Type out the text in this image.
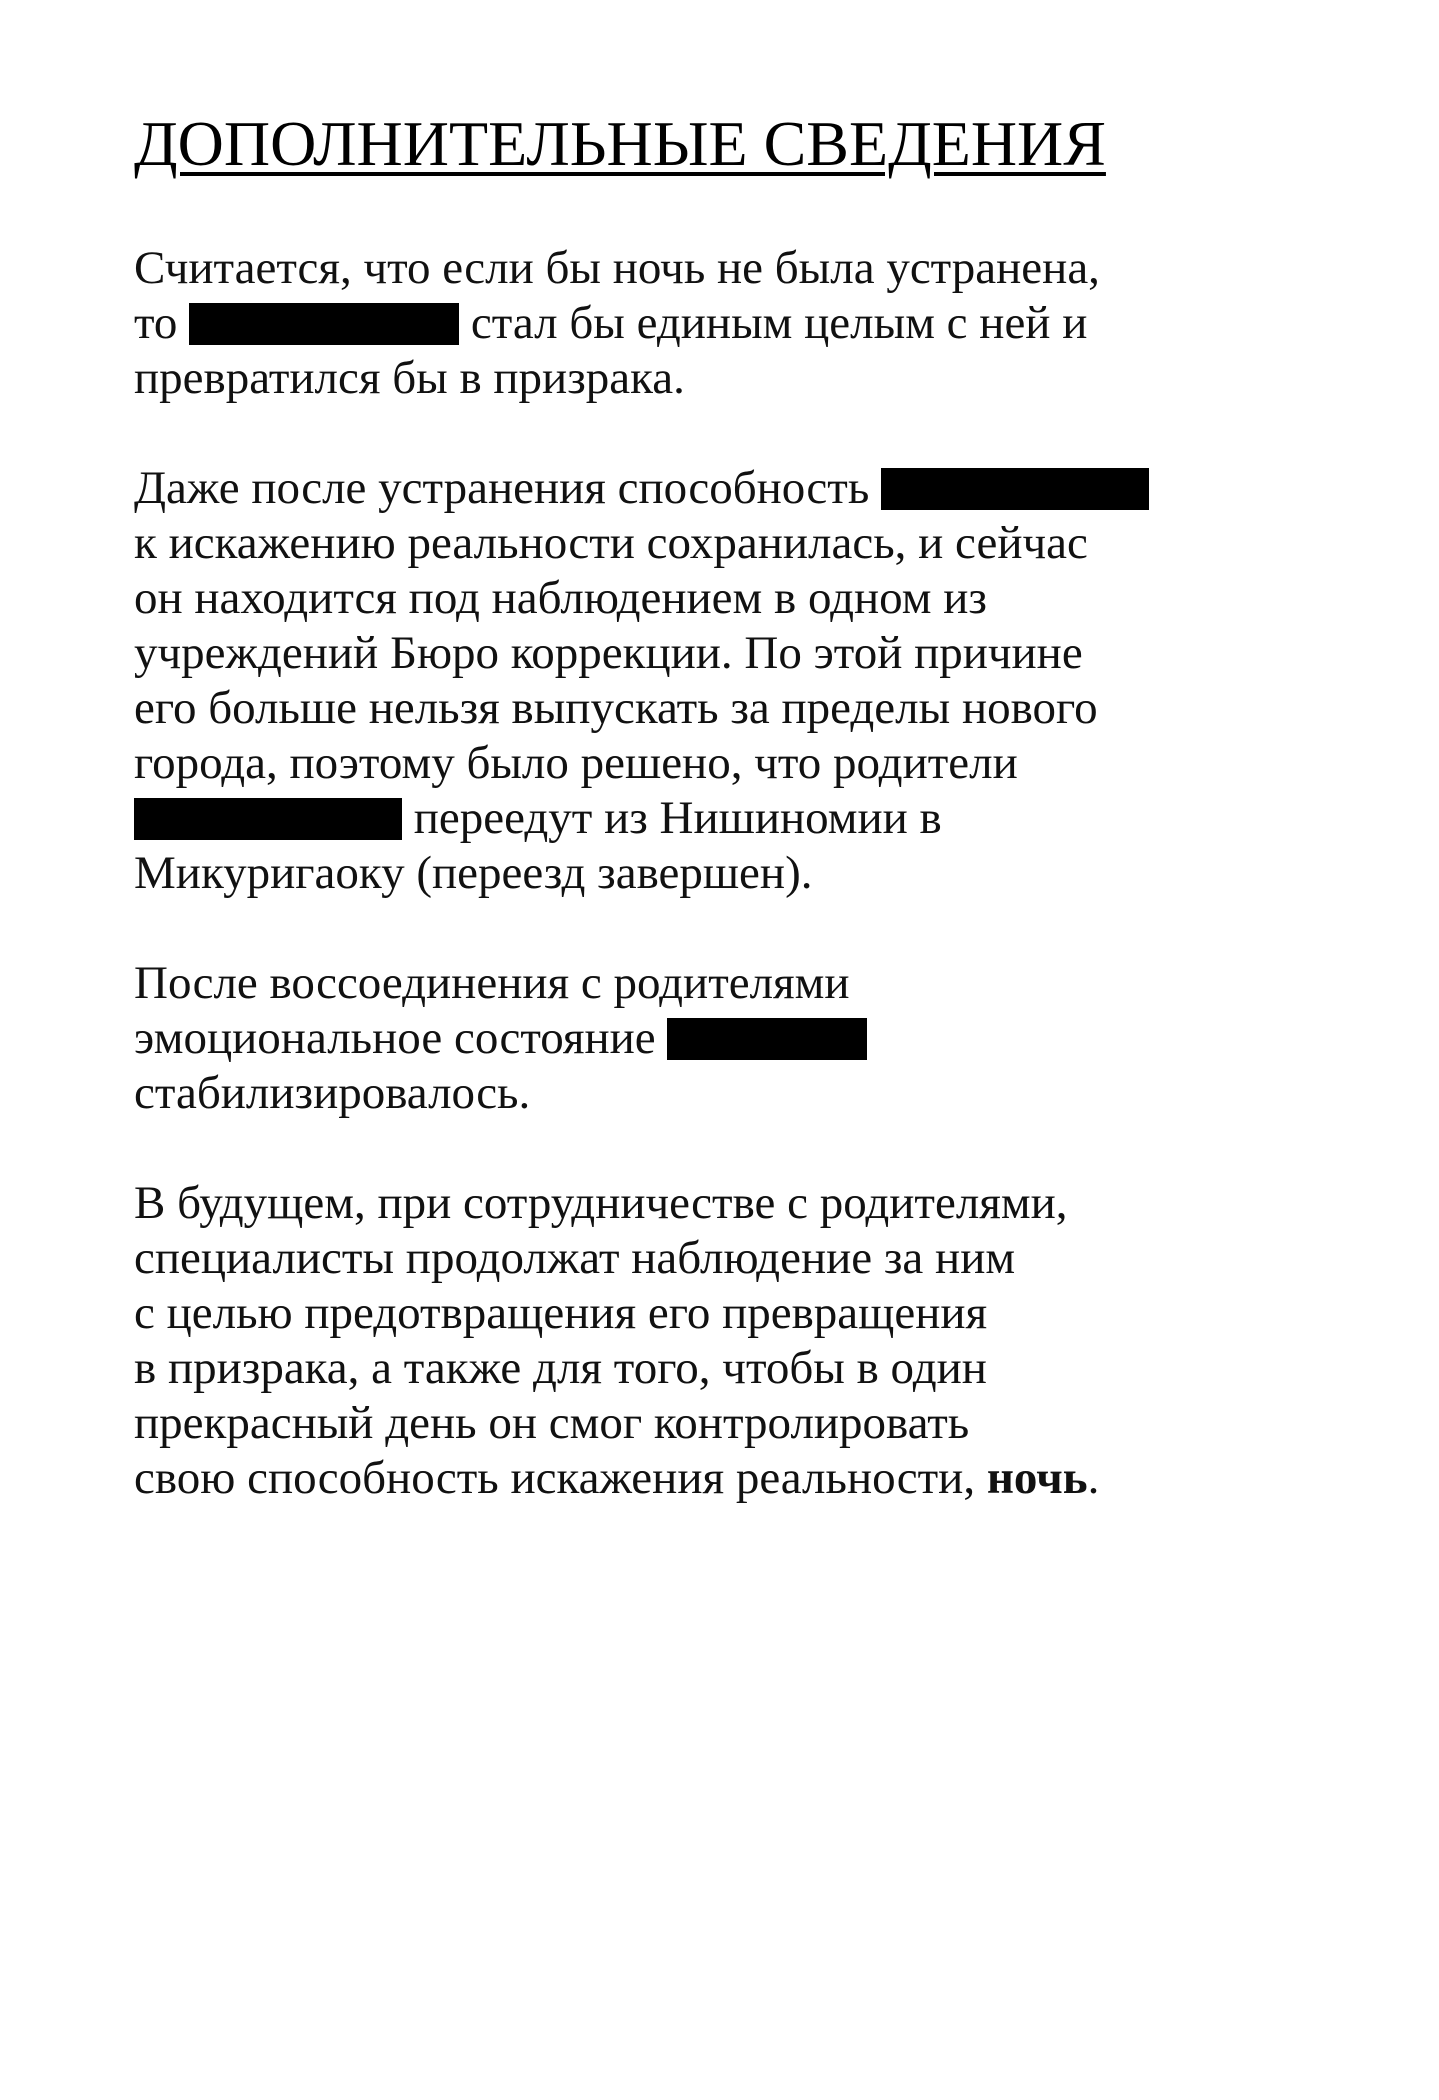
ДОПОЛНИТЕЛЬНЫЕ СВЕДЕНИЯ
Считается, что если бы ночь не была устранена,
то	стал бы единым целым с ней и
превратился бы в призрака.
Даже после устранения способность
к искажению реальности сохранилась, и сейчас
он находится под наблюдением в одном из
учреждений Бюро коррекции. По этой причине
его больше нельзя выпускать за пределы нового
города, поэтому было решено, что родители
переедут из Нишиномии в
Микуригаоку (переезд завершен).
После воссоединения с родителями
эмоциональное состояние
стабилизировалось.
В будущем, при сотрудничестве с родителями,
специалисты продолжат наблюдение за ним
с целью предотвращения его превращения
в призрака, а также для того, чтобы в один
прекрасный день он смог контролировать
свою способность искажения реальности, ночь.
